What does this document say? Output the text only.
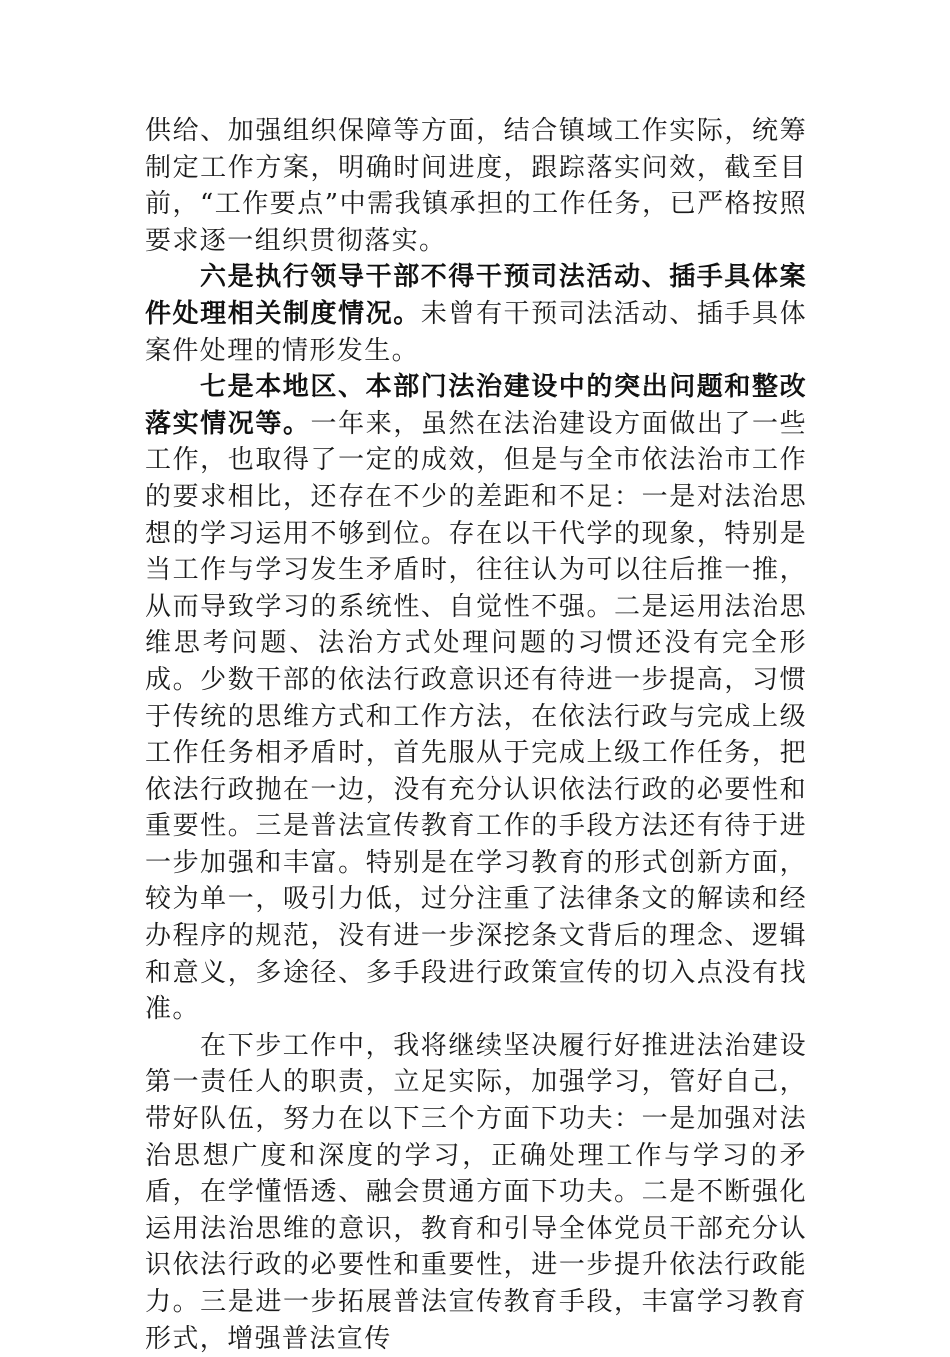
供给、加强组织保障等方面，结合镇域工作实际，统筹制定工作方案，明确时间进度，跟踪落实问效，截至目前，“工作要点”中需我镇承担的工作任务，已严格按照要求逐一组织贯彻落实。

六是执行领导干部不得干预司法活动、插手具体案件处理相关制度情况。未曾有干预司法活动、插手具体案件处理的情形发生。

七是本地区、本部门法治建设中的突出问题和整改落实情况等。一年来，虽然在法治建设方面做出了一些工作，也取得了一定的成效，但是与全市依法治市工作的要求相比，还存在不少的差距和不足：一是对法治思想的学习运用不够到位。存在以干代学的现象，特别是当工作与学习发生矛盾时，往往认为可以往后推一推，从而导致学习的系统性、自觉性不强。二是运用法治思维思考问题、法治方式处理问题的习惯还没有完全形成。少数干部的依法行政意识还有待进一步提高，习惯于传统的思维方式和工作方法，在依法行政与完成上级工作任务相矛盾时，首先服从于完成上级工作任务，把依法行政抛在一边，没有充分认识依法行政的必要性和重要性。三是普法宣传教育工作的手段方法还有待于进一步加强和丰富。特别是在学习教育的形式创新方面，较为单一，吸引力低，过分注重了法律条文的解读和经办程序的规范，没有进一步深挖条文背后的理念、逻辑和意义，多途径、多手段进行政策宣传的切入点没有找准。

在下步工作中，我将继续坚决履行好推进法治建设第一责任人的职责，立足实际，加强学习，管好自己，带好队伍，努力在以下三个方面下功夫：一是加强对法治思想广度和深度的学习，正确处理工作与学习的矛盾，在学懂悟透、融会贯通方面下功夫。二是不断强化运用法治思维的意识，教育和引导全体党员干部充分认识依法行政的必要性和重要性，进一步提升依法行政能力。三是进一步拓展普法宣传教育手段，丰富学习教育形式，增强普法宣传
